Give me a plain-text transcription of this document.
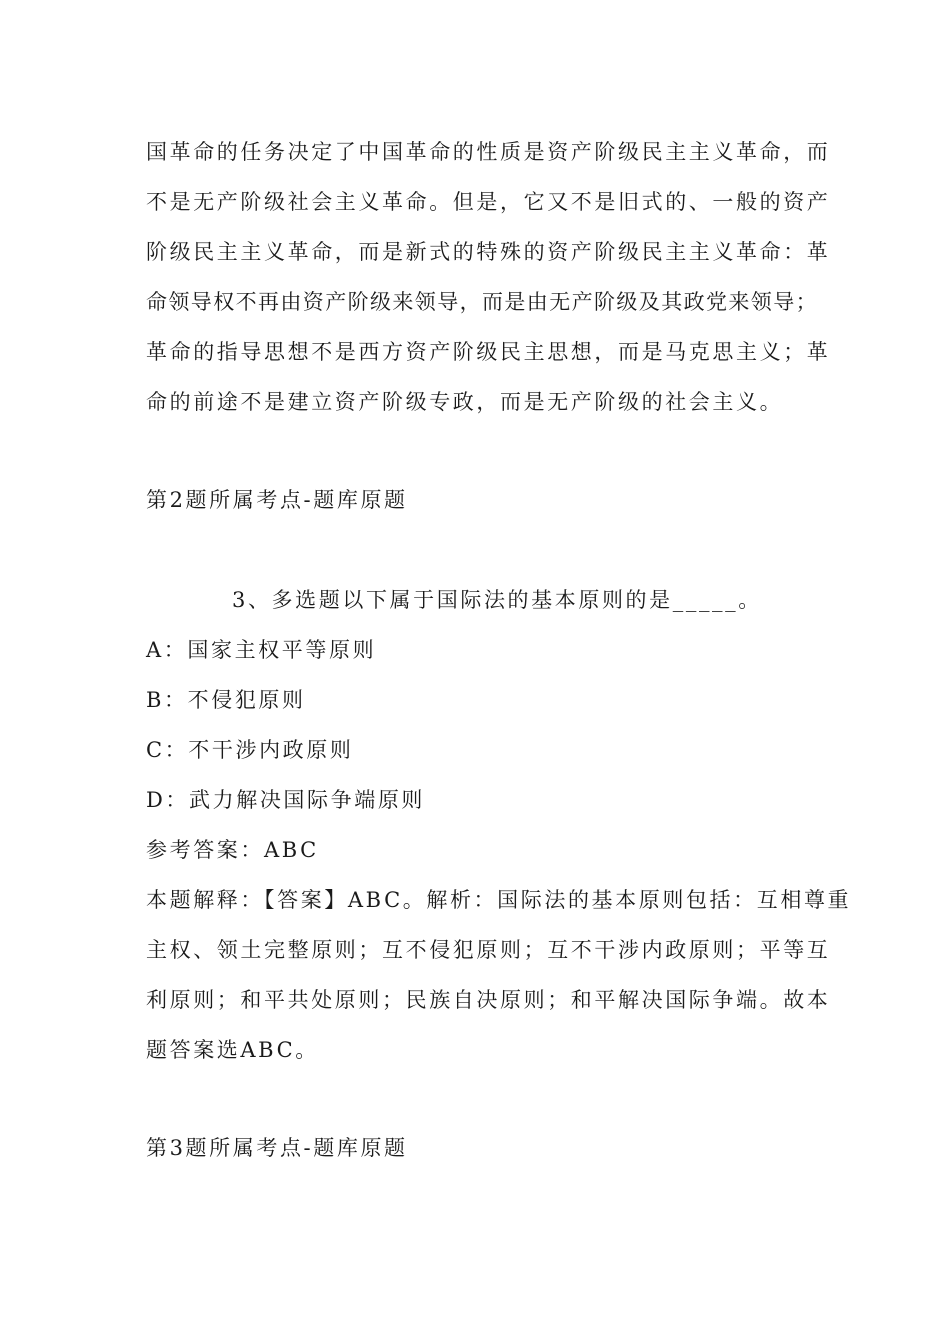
国革命的任务决定了中国革命的性质是资产阶级民主主义革命，而
不是无产阶级社会主义革命。但是，它又不是旧式的、一般的资产
阶级民主主义革命，而是新式的特殊的资产阶级民主主义革命：革
命领导权不再由资产阶级来领导，而是由无产阶级及其政党来领导；
革命的指导思想不是西方资产阶级民主思想，而是马克思主义；革
命的前途不是建立资产阶级专政，而是无产阶级的社会主义。
第2题所属考点-题库原题
3、多选题以下属于国际法的基本原则的是_____。
A：国家主权平等原则
B：不侵犯原则
C：不干涉内政原则
D：武力解决国际争端原则
参考答案：ABC
本题解释：【答案】ABC。解析：国际法的基本原则包括：互相尊重
主权、领土完整原则；互不侵犯原则；互不干涉内政原则；平等互
利原则；和平共处原则；民族自决原则；和平解决国际争端。故本
题答案选ABC。
第3题所属考点-题库原题
